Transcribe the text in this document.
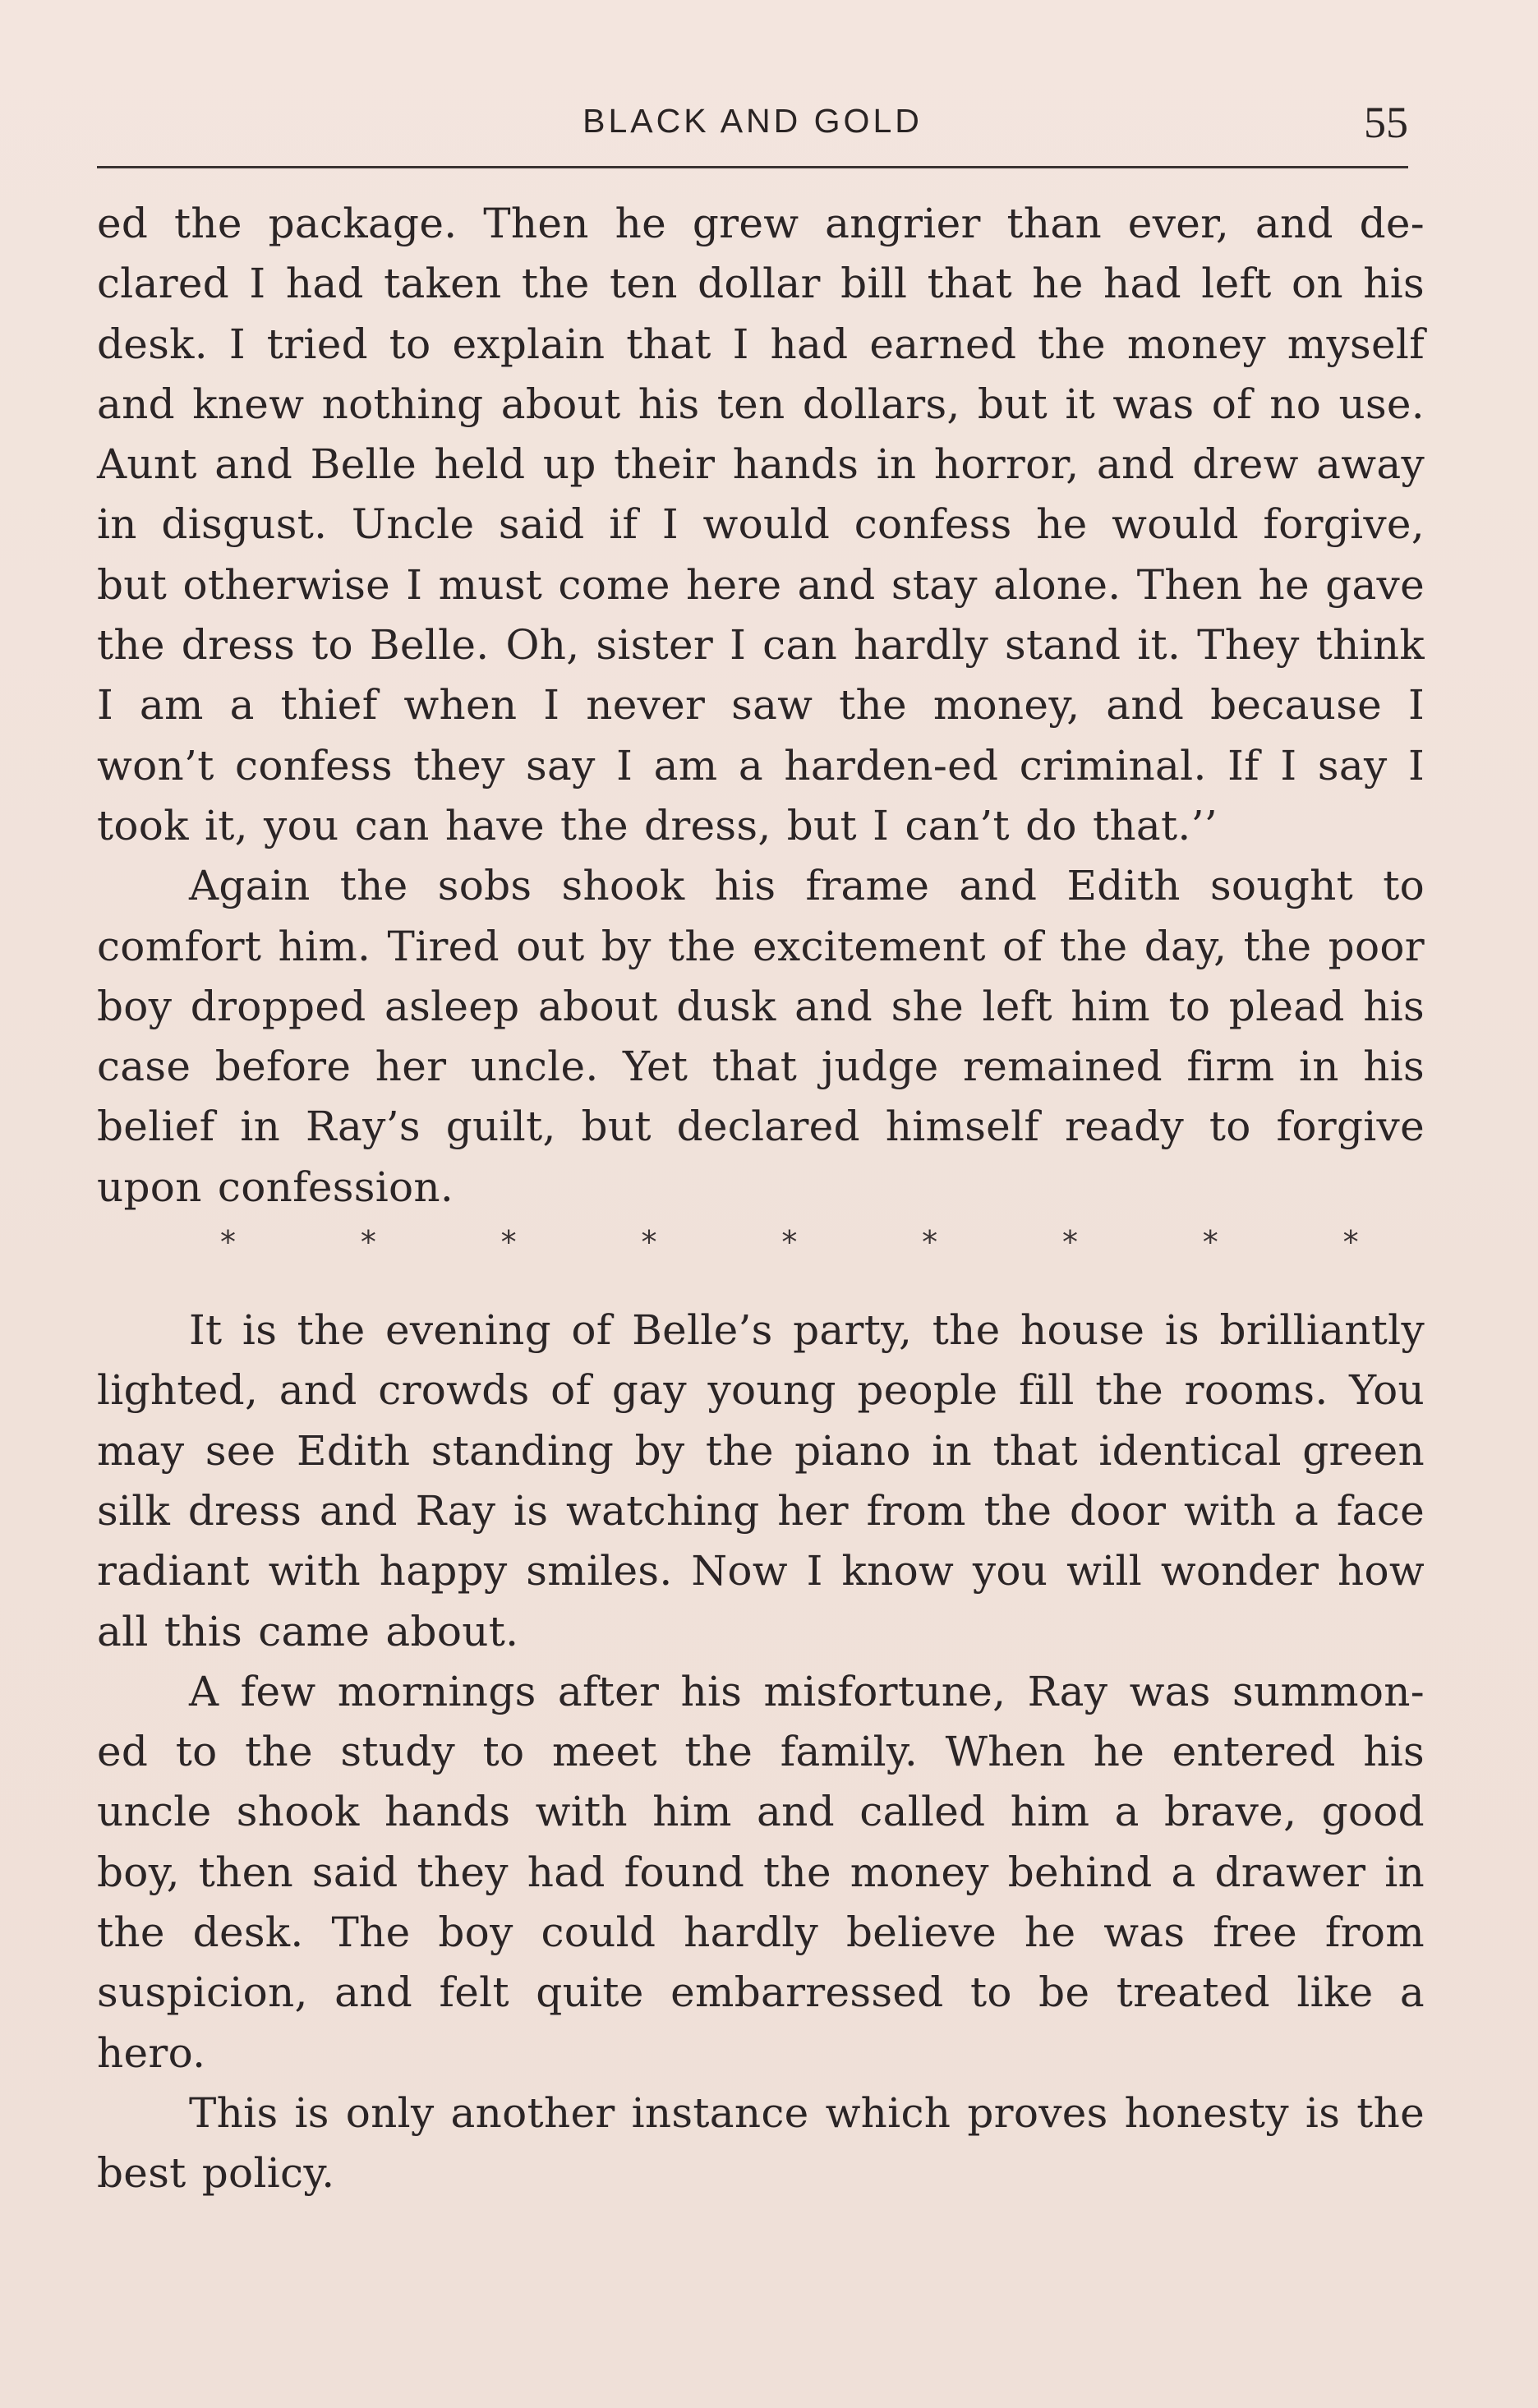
BLACK AND GOLD	55

ed the package. Then he grew angrier than ever, and de-clared I had taken the ten dollar bill that he had left on his desk. I tried to explain that I had earned the money myself and knew nothing about his ten dollars, but it was of no use. Aunt and Belle held up their hands in horror, and drew away in disgust. Uncle said if I would confess he would forgive, but otherwise I must come here and stay alone. Then he gave the dress to Belle. Oh, sister I can hardly stand it. They think I am a thief when I never saw the money, and because I won’t confess they say I am a harden-ed criminal. If I say I took it, you can have the dress, but I can’t do that.’’

Again the sobs shook his frame and Edith sought to comfort him. Tired out by the excitement of the day, the poor boy dropped asleep about dusk and she left him to plead his case before her uncle. Yet that judge remained firm in his belief in Ray’s guilt, but declared himself ready to forgive upon confession.

*	*	*	*	*	*	*	*	*

It is the evening of Belle’s party, the house is brilliantly lighted, and crowds of gay young people fill the rooms. You may see Edith standing by the piano in that identical green silk dress and Ray is watching her from the door with a face radiant with happy smiles. Now I know you will wonder how all this came about.

A few mornings after his misfortune, Ray was summon-ed to the study to meet the family. When he entered his uncle shook hands with him and called him a brave, good boy, then said they had found the money behind a drawer in the desk. The boy could hardly believe he was free from suspicion, and felt quite embarressed to be treated like a hero.

This is only another instance which proves honesty is the best policy.
